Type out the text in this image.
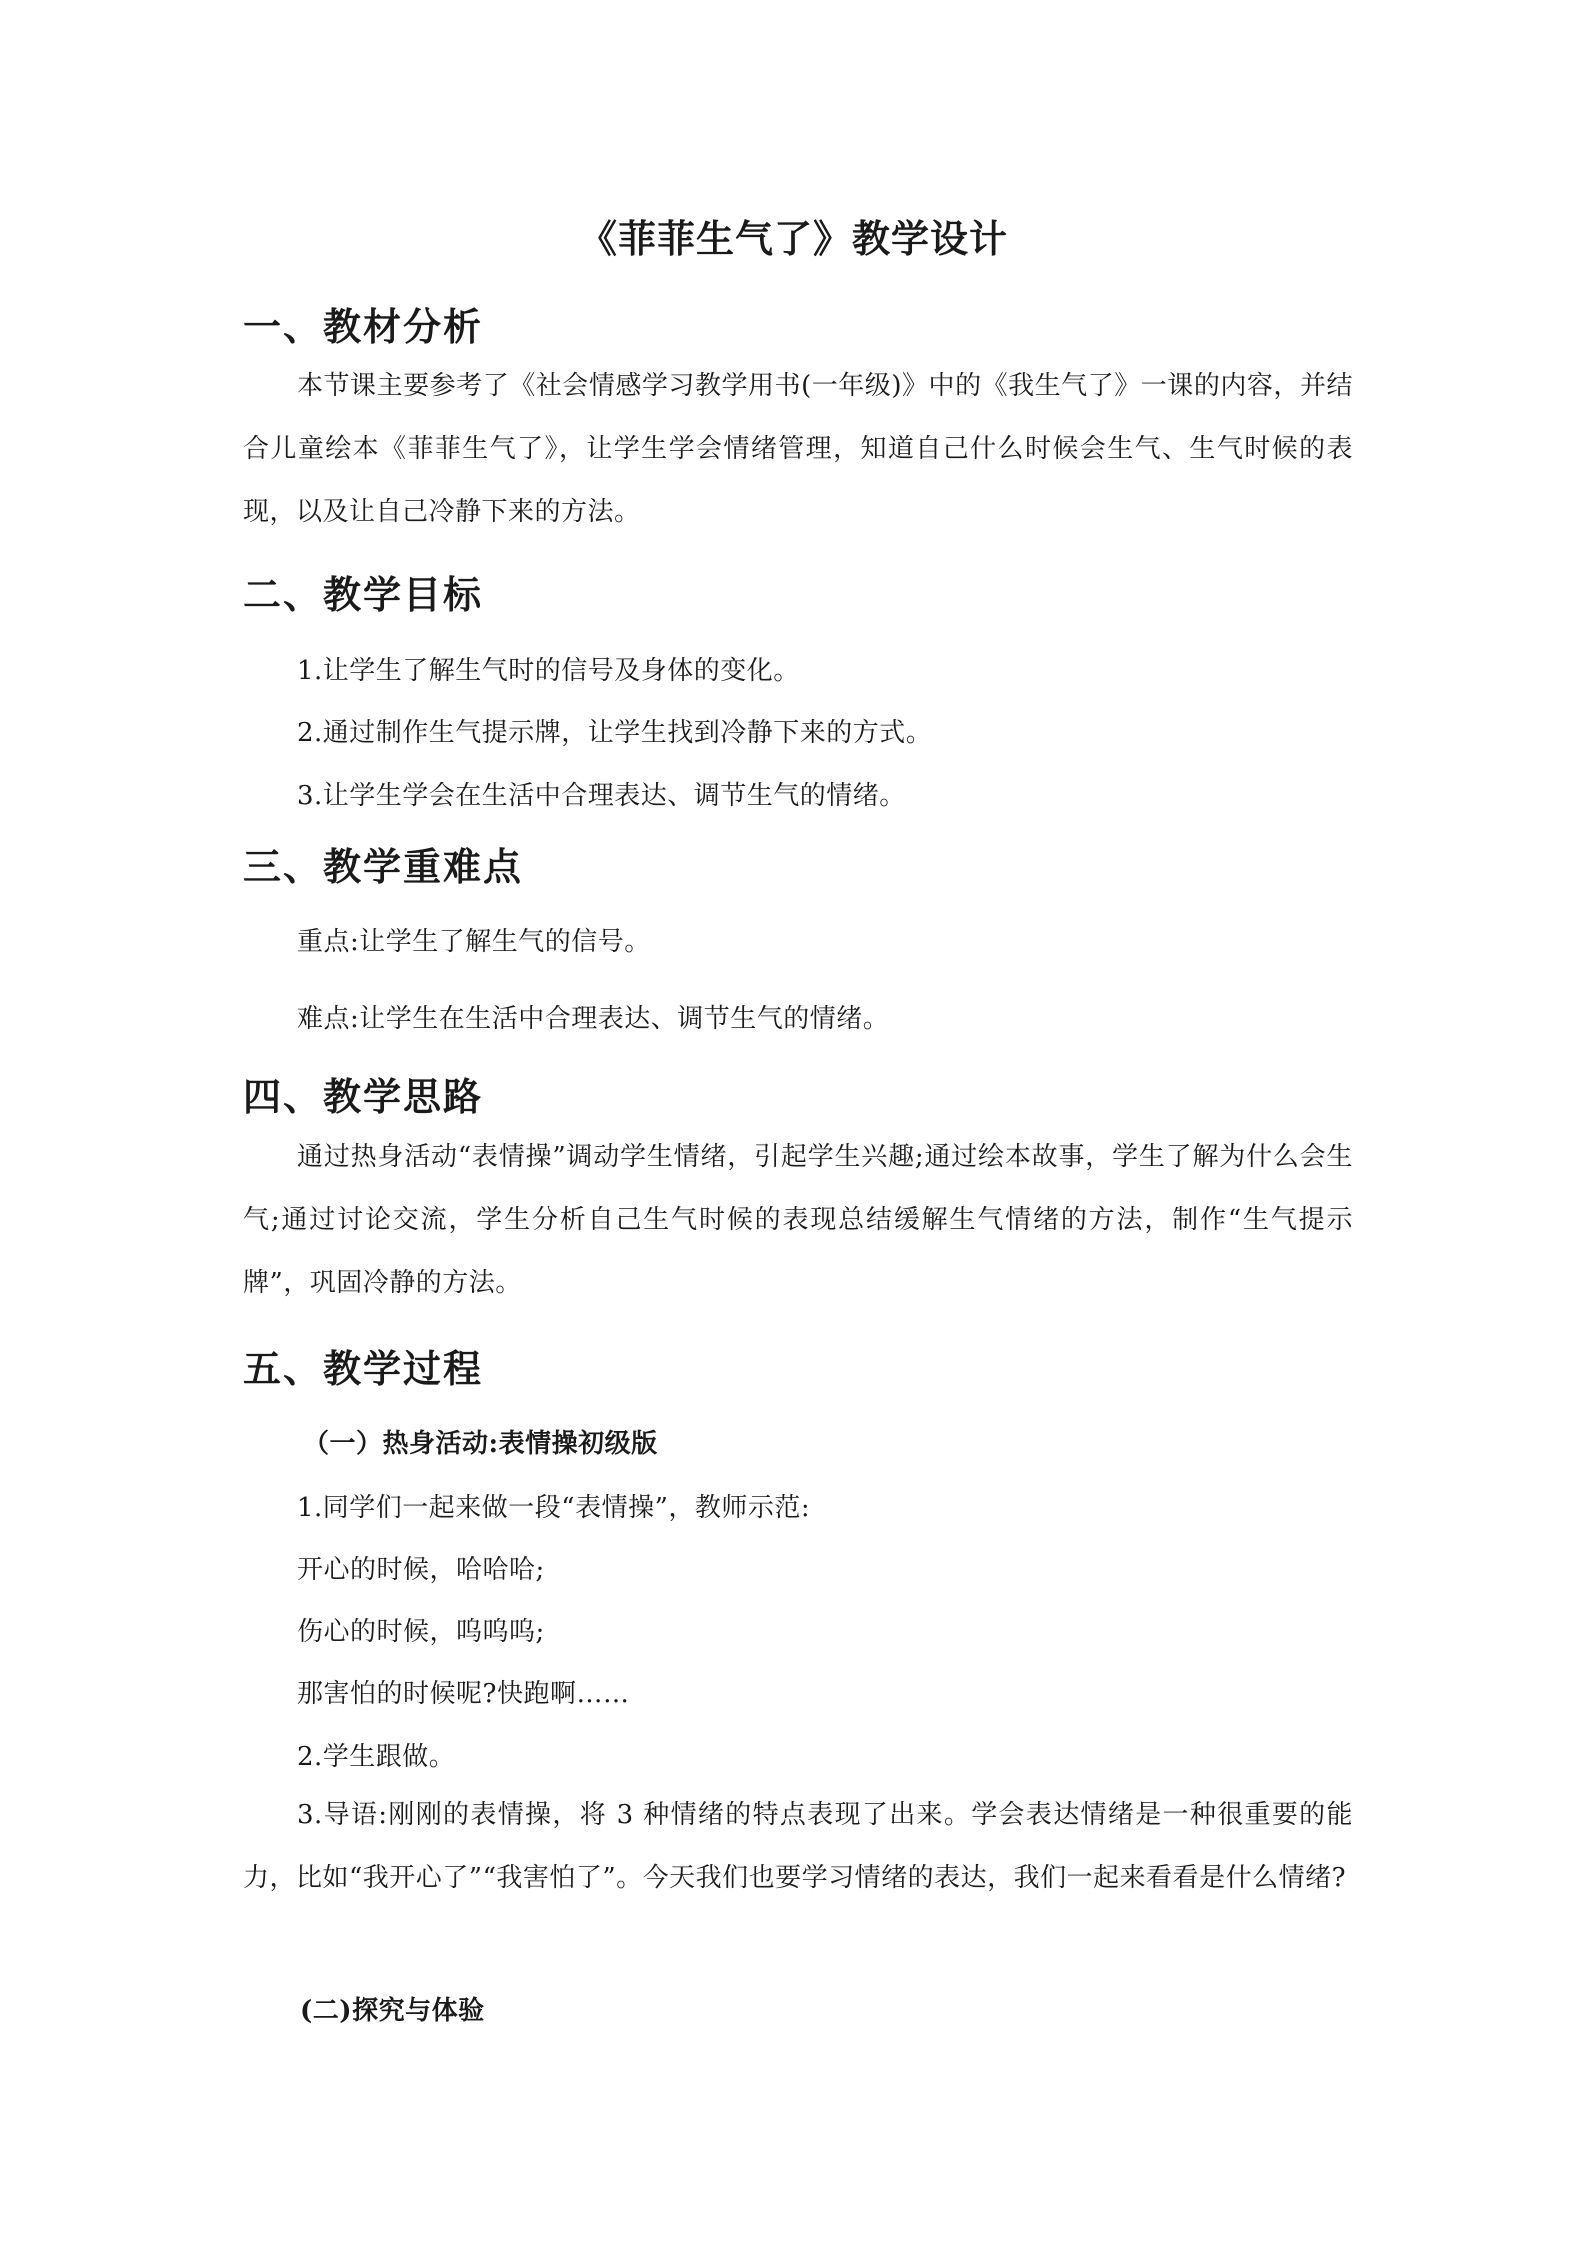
《菲菲生气了》教学设计
一、教材分析
本节课主要参考了《社会情感学习教学用书(一年级)》中的《我生气了》一课的内容，并结合儿童绘本《菲菲生气了》，让学生学会情绪管理，知道自己什么时候会生气、生气时候的表现，以及让自己冷静下来的方法。
二、教学目标
1.让学生了解生气时的信号及身体的变化。
2.通过制作生气提示牌，让学生找到冷静下来的方式。
3.让学生学会在生活中合理表达、调节生气的情绪。
三、教学重难点
重点:让学生了解生气的信号。
难点:让学生在生活中合理表达、调节生气的情绪。
四、教学思路
通过热身活动“表情操”调动学生情绪，引起学生兴趣;通过绘本故事，学生了解为什么会生气;通过讨论交流，学生分析自己生气时候的表现总结缓解生气情绪的方法，制作“生气提示牌”，巩固冷静的方法。
五、教学过程
（一）热身活动:表情操初级版
1.同学们一起来做一段“表情操”，教师示范:
开心的时候，哈哈哈;
伤心的时候，呜呜呜;
那害怕的时候呢?快跑啊……
2.学生跟做。
3.导语:刚刚的表情操，将 3 种情绪的特点表现了出来。学会表达情绪是一种很重要的能力，比如“我开心了”“我害怕了”。今天我们也要学习情绪的表达，我们一起来看看是什么情绪?
(二)探究与体验
